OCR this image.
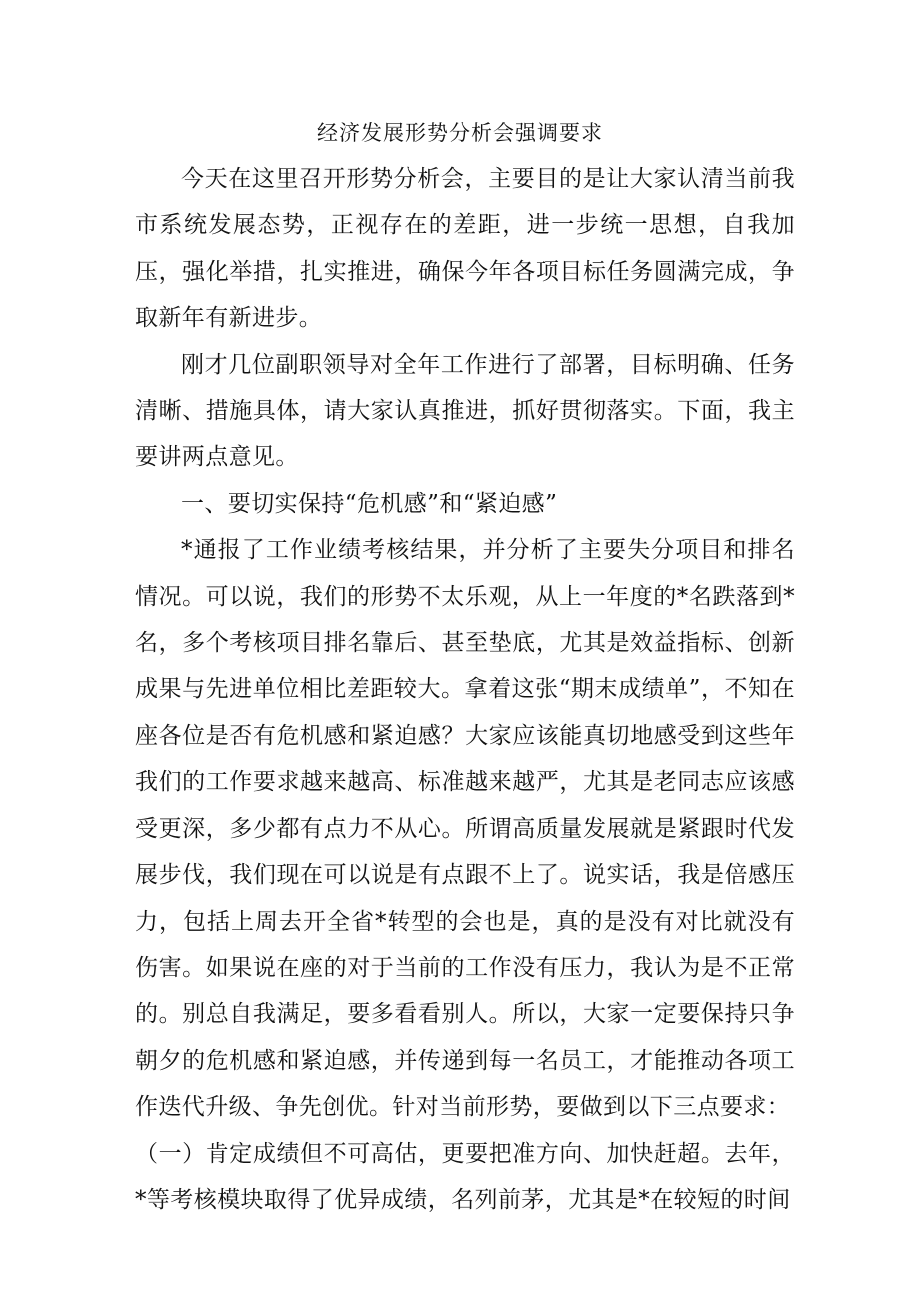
经济发展形势分析会强调要求

今天在这里召开形势分析会，主要目的是让大家认清当前我市系统发展态势，正视存在的差距，进一步统一思想，自我加压，强化举措，扎实推进，确保今年各项目标任务圆满完成，争取新年有新进步。

刚才几位副职领导对全年工作进行了部署，目标明确、任务清晰、措施具体，请大家认真推进，抓好贯彻落实。下面，我主要讲两点意见。

一、要切实保持“危机感”和“紧迫感”

*通报了工作业绩考核结果，并分析了主要失分项目和排名情况。可以说，我们的形势不太乐观，从上一年度的*名跌落到*名，多个考核项目排名靠后、甚至垫底，尤其是效益指标、创新成果与先进单位相比差距较大。拿着这张“期末成绩单”，不知在座各位是否有危机感和紧迫感？大家应该能真切地感受到这些年我们的工作要求越来越高、标准越来越严，尤其是老同志应该感受更深，多少都有点力不从心。所谓高质量发展就是紧跟时代发展步伐，我们现在可以说是有点跟不上了。说实话，我是倍感压力，包括上周去开全省*转型的会也是，真的是没有对比就没有伤害。如果说在座的对于当前的工作没有压力，我认为是不正常的。别总自我满足，要多看看别人。所以，大家一定要保持只争朝夕的危机感和紧迫感，并传递到每一名员工，才能推动各项工作迭代升级、争先创优。针对当前形势，要做到以下三点要求：

（一）肯定成绩但不可高估，更要把准方向、加快赶超。去年，*等考核模块取得了优异成绩，名列前茅，尤其是*在较短的时间
